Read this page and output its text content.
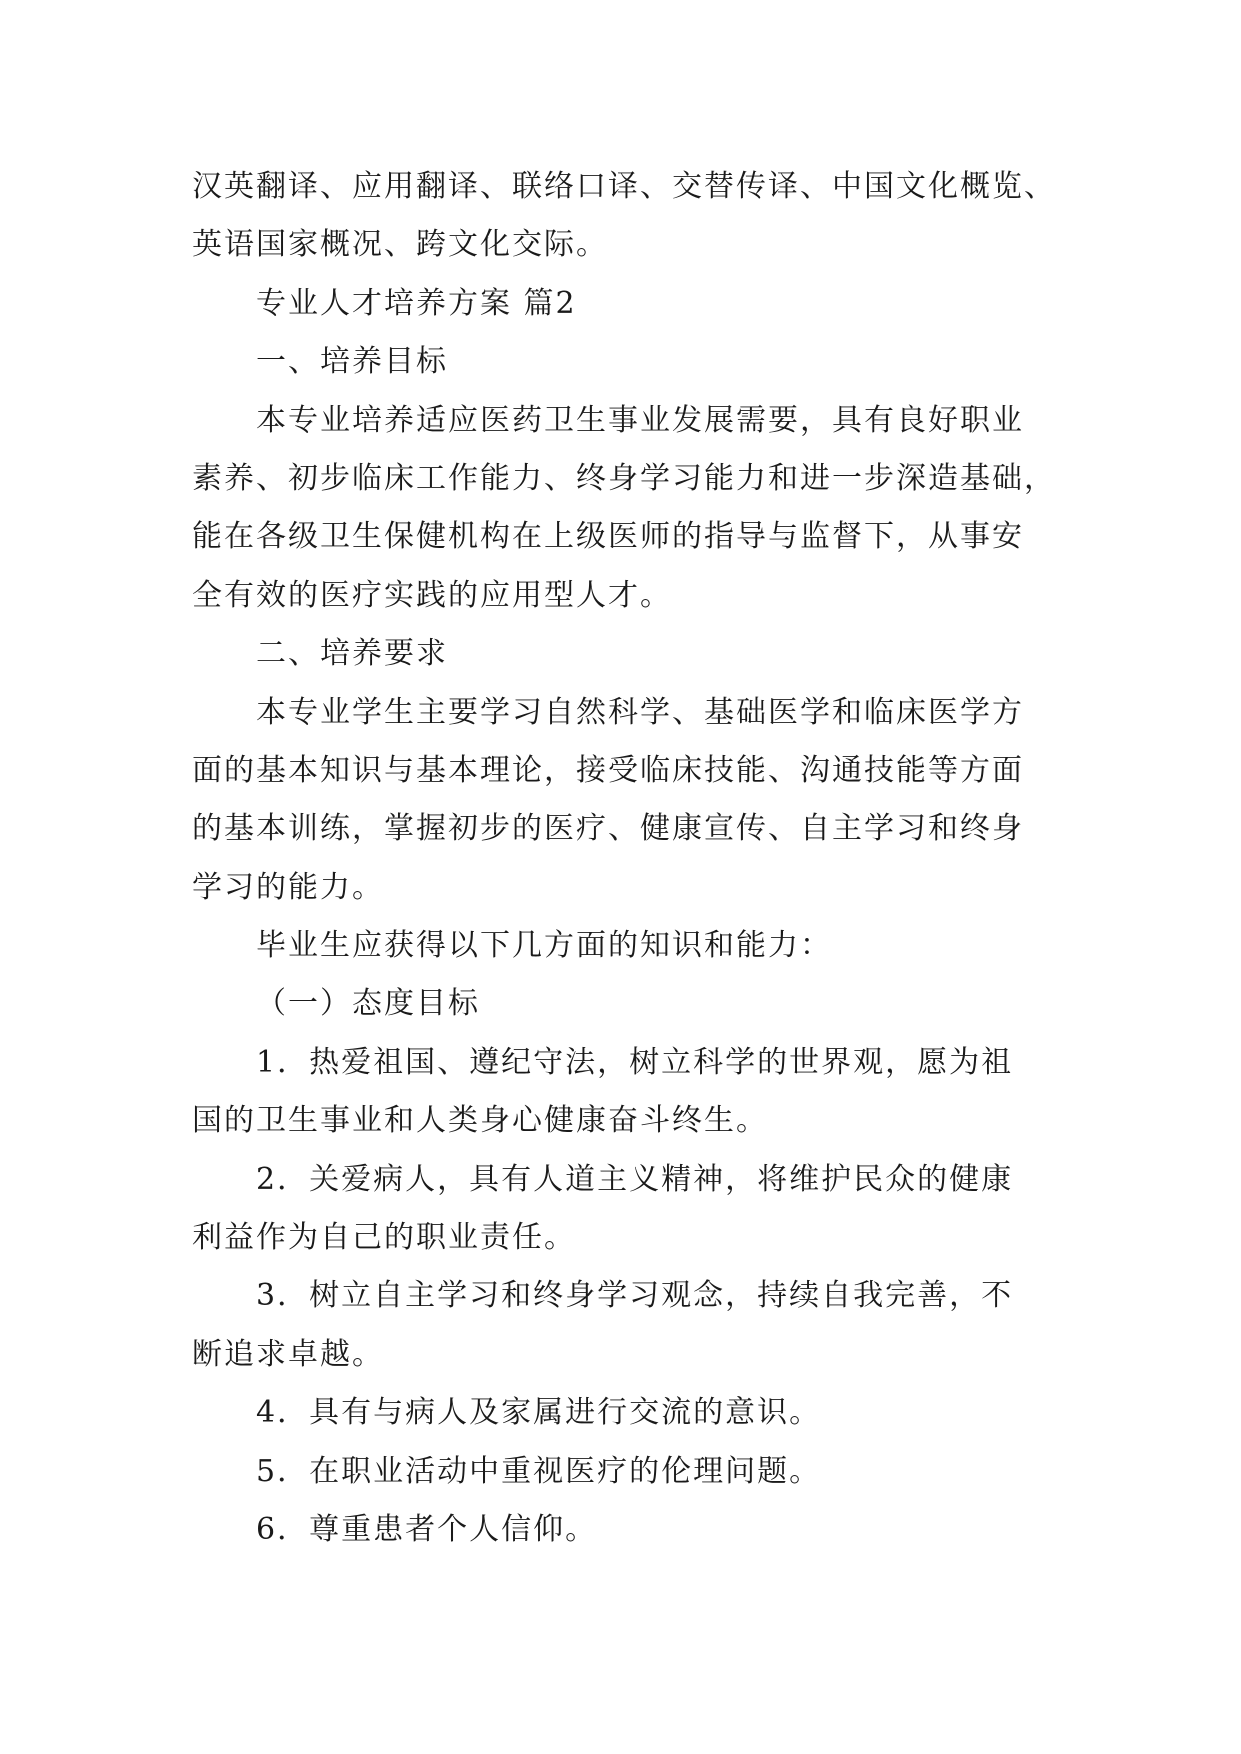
汉英翻译、应用翻译、联络口译、交替传译、中国文化概览、
英语国家概况、跨文化交际。
专业人才培养方案 篇2
一、培养目标
本专业培养适应医药卫生事业发展需要，具有良好职业
素养、初步临床工作能力、终身学习能力和进一步深造基础，
能在各级卫生保健机构在上级医师的指导与监督下，从事安
全有效的医疗实践的应用型人才。
二、培养要求
本专业学生主要学习自然科学、基础医学和临床医学方
面的基本知识与基本理论，接受临床技能、沟通技能等方面
的基本训练，掌握初步的医疗、健康宣传、自主学习和终身
学习的能力。
毕业生应获得以下几方面的知识和能力：
（一）态度目标
1．热爱祖国、遵纪守法，树立科学的世界观，愿为祖
国的卫生事业和人类身心健康奋斗终生。
2．关爱病人，具有人道主义精神，将维护民众的健康
利益作为自己的职业责任。
3．树立自主学习和终身学习观念，持续自我完善，不
断追求卓越。
4．具有与病人及家属进行交流的意识。
5．在职业活动中重视医疗的伦理问题。
6．尊重患者个人信仰。
